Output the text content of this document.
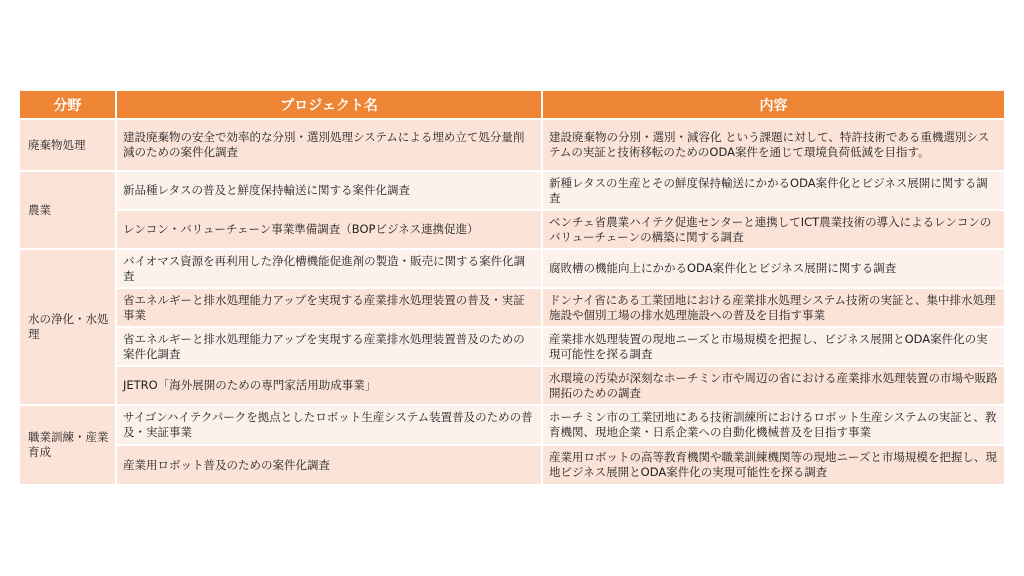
分野	プロジェクト名	内容
廃棄物処理	建設廃棄物の安全で効率的な分別・選別処理システムによる埋め立て処分量削減のための案件化調査	建設廃棄物の分別・選別・減容化 という課題に対して、特許技術である重機選別システムの実証と技術移転のためのODA案件を通じて環境負荷低減を目指す。
農業	新品種レタスの普及と鮮度保持輸送に関する案件化調査	新種レタスの生産とその鮮度保持輸送にかかるODA案件化とビジネス展開に関する調査
	レンコン・バリューチェーン事業準備調査（BOPビジネス連携促進）	ベンチェ省農業ハイテク促進センターと連携してICT農業技術の導入によるレンコンのバリューチェーンの構築に関する調査
水の浄化・水処理	バイオマス資源を再利用した浄化槽機能促進剤の製造・販売に関する案件化調査	腐敗槽の機能向上にかかるODA案件化とビジネス展開に関する調査
	省エネルギーと排水処理能力アップを実現する産業排水処理装置の普及・実証事業	ドンナイ省にある工業団地における産業排水処理システム技術の実証と、集中排水処理施設や個別工場の排水処理施設への普及を目指す事業
	省エネルギーと排水処理能力アップを実現する産業排水処理装置普及のための案件化調査	産業排水処理装置の現地ニーズと市場規模を把握し、ビジネス展開とODA案件化の実現可能性を探る調査
	JETRO「海外展開のための専門家活用助成事業」	水環境の汚染が深刻なホーチミン市や周辺の省における産業排水処理装置の市場や販路開拓のための調査
職業訓練・産業育成	サイゴンハイテクパークを拠点としたロボット生産システム装置普及のための普及・実証事業	ホーチミン市の工業団地にある技術訓練所におけるロボット生産システムの実証と、教育機関、現地企業・日系企業への自動化機械普及を目指す事業
	産業用ロボット普及のための案件化調査	産業用ロボットの高等教育機関や職業訓練機関等の現地ニーズと市場規模を把握し、現地ビジネス展開とODA案件化の実現可能性を探る調査
